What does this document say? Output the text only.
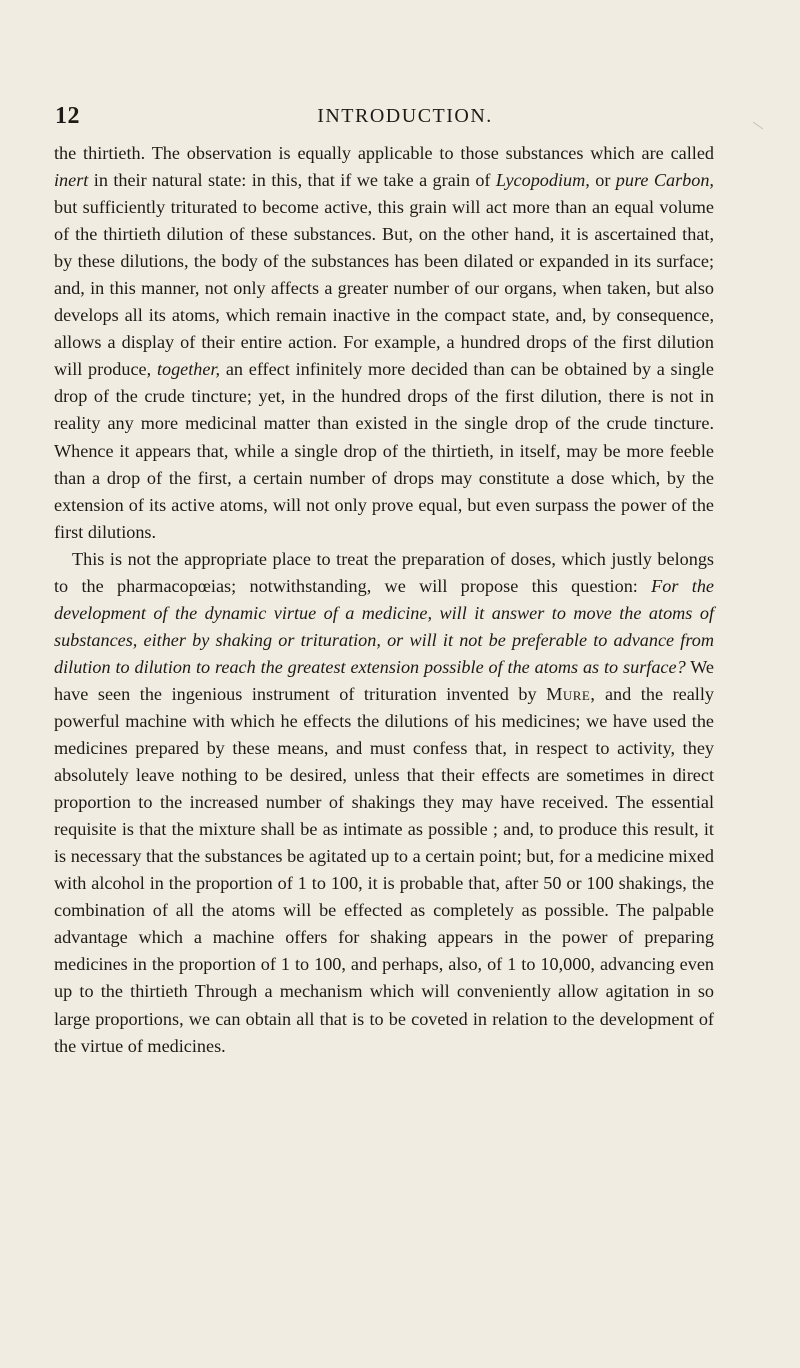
12	INTRODUCTION.

the thirtieth. The observation is equally applicable to those substances which are called inert in their natural state: in this, that if we take a grain of Lycopodium, or pure Carbon, but sufficiently triturated to become active, this grain will act more than an equal volume of the thirtieth dilution of these substances. But, on the other hand, it is ascertained that, by these dilutions, the body of the substances has been dilated or expanded in its surface; and, in this manner, not only affects a greater number of our organs, when taken, but also develops all its atoms, which remain inactive in the compact state, and, by consequence, allows a display of their entire action. For example, a hundred drops of the first dilution will produce, together, an effect infinitely more decided than can be obtained by a single drop of the crude tincture; yet, in the hundred drops of the first dilution, there is not in reality any more medicinal matter than existed in the single drop of the crude tincture. Whence it appears that, while a single drop of the thirtieth, in itself, may be more feeble than a drop of the first, a certain number of drops may constitute a dose which, by the extension of its active atoms, will not only prove equal, but even surpass the power of the first dilutions.

This is not the appropriate place to treat the preparation of doses, which justly belongs to the pharmacopœias; notwithstanding, we will propose this question: For the development of the dynamic virtue of a medicine, will it answer to move the atoms of substances, either by shaking or trituration, or will it not be preferable to advance from dilution to dilution to reach the greatest extension possible of the atoms as to surface? We have seen the ingenious instrument of trituration invented by Mure, and the really powerful machine with which he effects the dilutions of his medicines; we have used the medicines prepared by these means, and must confess that, in respect to activity, they absolutely leave nothing to be desired, unless that their effects are sometimes in direct proportion to the increased number of shakings they may have received. The essential requisite is that the mixture shall be as intimate as possible ; and, to produce this result, it is necessary that the substances be agitated up to a certain point; but, for a medicine mixed with alcohol in the proportion of 1 to 100, it is probable that, after 50 or 100 shakings, the combination of all the atoms will be effected as completely as possible. The palpable advantage which a machine offers for shaking appears in the power of preparing medicines in the proportion of 1 to 100, and perhaps, also, of 1 to 10,000, advancing even up to the thirtieth Through a mechanism which will conveniently allow agitation in so large proportions, we can obtain all that is to be coveted in relation to the development of the virtue of medicines.
